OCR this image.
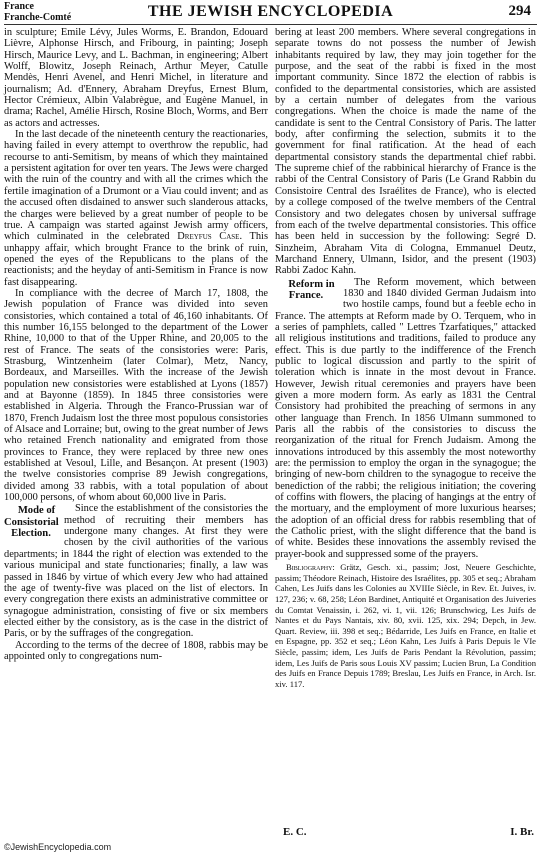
France
Franche-Comté	THE JEWISH ENCYCLOPEDIA	294

in sculpture; Emile Lévy, Jules Worms, E. Brandon, Edouard Lièvre, Alphonse Hirsch, and Fribourg, in painting; Joseph Hirsch, Maurice Levy, and L. Bachman, in engineering; Albert Wolff, Blowitz, Joseph Reinach, Arthur Meyer, Catulle Mendès, Henri Avenel, and Henri Michel, in literature and journalism; Ad. d'Ennery, Abraham Dreyfus, Ernest Blum, Hector Crémieux, Albin Valabrègue, and Eugène Manuel, in drama; Rachel, Amélie Hirsch, Rosine Bloch, Worms, and Berr as actors and actresses.

In the last decade of the nineteenth century the reactionaries, having failed in every attempt to overthrow the republic, had recourse to anti-Semitism, by means of which they maintained a persistent agitation for over ten years. The Jews were charged with the ruin of the country and with all the crimes which the fertile imagination of a Drumont or a Viau could invent; and as the accused often disdained to answer such slanderous attacks, the charges were believed by a great number of people to be true. A campaign was started against Jewish army officers, which culminated in the celebrated Dreyfus Case. This unhappy affair, which brought France to the brink of ruin, opened the eyes of the Republicans to the plans of the reactionists; and the heyday of anti-Semitism in France is now fast disappearing.

In compliance with the decree of March 17, 1808, the Jewish population of France was divided into seven consistories, which contained a total of 46,160 inhabitants. Of this number 16,155 belonged to the department of the Lower Rhine, 10,000 to that of the Upper Rhine, and 20,005 to the rest of France. The seats of the consistories were: Paris, Strasburg, Wintzenheim (later Colmar), Metz, Nancy, Bordeaux, and Marseilles. With the increase of the Jewish population new consistories were established at Lyons (1857) and at Bayonne (1859). In 1845 three consistories were established in Algeria. Through the Franco-Prussian war of 1870, French Judaism lost the three most populous consistories of Alsace and Lorraine; but, owing to the great number of Jews who retained French nationality and emigrated from those provinces to France, they were replaced by three new ones established at Vesoul, Lille, and Besançon. At present (1903) the twelve consistories comprise 89 Jewish congregations, divided among 33 rabbis, with a total population of about 100,000 persons, of whom about 60,000 live in Paris.

Mode of Consistorial Election.
Since the establishment of the consistories the method of recruiting their members has undergone many changes. At first they were chosen by the civil authorities of the various departments; in 1844 the right of election was extended to the various municipal and state functionaries; finally, a law was passed in 1846 by virtue of which every Jew who had attained the age of twenty-five was placed on the list of electors. In every congregation there exists an administrative committee or synagogue administration, consisting of five or six members elected either by the consistory, as is the case in the district of Paris, or by the suffrages of the congregation.

According to the terms of the decree of 1808, rabbis may be appointed only to congregations num-

bering at least 200 members. Where several congregations in separate towns do not possess the number of Jewish inhabitants required by law, they may join together for the purpose, and the seat of the rabbi is fixed in the most important community. Since 1872 the election of rabbis is confided to the departmental consistories, which are assisted by a certain number of delegates from the various congregations. When the choice is made the name of the candidate is sent to the Central Consistory of Paris. The latter body, after confirming the selection, submits it to the government for final ratification. At the head of each departmental consistory stands the departmental chief rabbi. The supreme chief of the rabbinical hierarchy of France is the rabbi of the Central Consistory of Paris (Le Grand Rabbin du Consistoire Central des Israélites de France), who is elected by a college composed of the twelve members of the Central Consistory and two delegates chosen by universal suffrage from each of the twelve departmental consistories. This office has been held in succession by the following: Segré D. Sinzheim, Abraham Vita di Cologna, Emmanuel Deutz, Marchand Ennery, Ulmann, Isidor, and the present (1903) Rabbi Zadoc Kahn.

Reform in France.
The Reform movement, which between 1830 and 1840 divided German Judaism into two hostile camps, found but a feeble echo in France. The attempts at Reform made by O. Terquem, who in a series of pamphlets, called " Lettres Tzarfatiques," attacked all religious institutions and traditions, failed to produce any effect. This is due partly to the indifference of the French public to logical discussion and partly to the spirit of toleration which is innate in the most devout in France. However, Jewish ritual ceremonies and prayers have been given a more modern form. As early as 1831 the Central Consistory had prohibited the preaching of sermons in any other language than French. In 1856 Ulmann summoned to Paris all the rabbis of the consistories to discuss the reorganization of the ritual for French Judaism. Among the innovations introduced by this assembly the most noteworthy are: the permission to employ the organ in the synagogue; the bringing of new-born children to the synagogue to receive the benediction of the rabbi; the religious initiation; the covering of coffins with flowers, the placing of hangings at the entry of the mortuary, and the employment of more luxurious hearses; the adoption of an official dress for rabbis resembling that of the Catholic priest, with the slight difference that the band is of white. Besides these innovations the assembly revised the prayer-book and suppressed some of the prayers.

Bibliography: Grätz, Gesch. xi., passim; Jost, Neuere Geschichte, passim; Théodore Reinach, Histoire des Israélites, pp. 305 et seq.; Abraham Cahen, Les Juifs dans les Colonies au XVIIIe Siècle, in Rev. Et. Juives, iv. 127, 236; v. 68, 258; Léon Bardinet, Antiquité et Organisation des Juiveries du Comtat Venaissin, i. 262, vi. 1, vii. 126; Brunschwicg, Les Juifs de Nantes et du Pays Nantais, xiv. 80, xvii. 125, xix. 294; Depch, in Jew. Quart. Review, iii. 398 et seq.; Bédarride, Les Juifs en France, en Italie et en Espagne, pp. 352 et seq.; Léon Kahn, Les Juifs à Paris Depuis le VIe Siècle, passim; idem, Les Juifs de Paris Pendant la Révolution, passim; idem, Les Juifs de Paris sous Louis XV passim; Lucien Brun, La Condition des Juifs en France Depuis 1789; Breslau, Les Juifs en France, in Arch. Isr. xiv. 117.

E. C.	I. Br.
©JewishEncyclopedia.com
